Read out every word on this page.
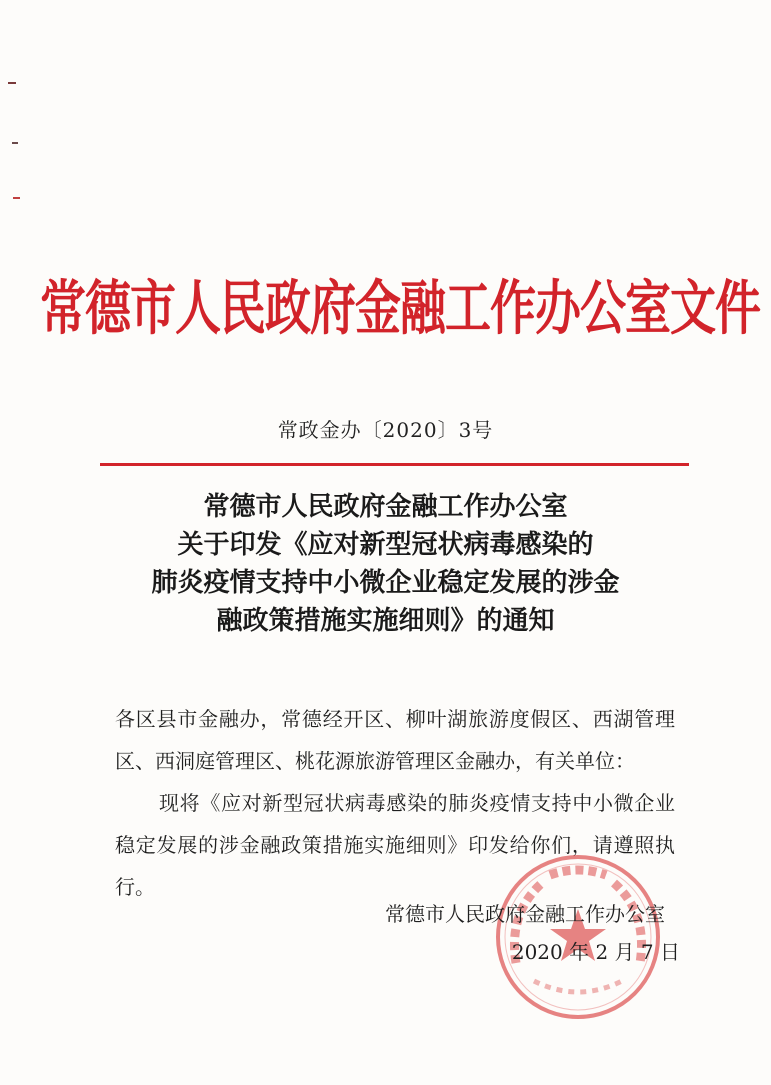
常德市人民政府金融工作办公室文件
常政金办〔2020〕3号
常德市人民政府金融工作办公室
关于印发《应对新型冠状病毒感染的
肺炎疫情支持中小微企业稳定发展的涉金
融政策措施实施细则》的通知

各区县市金融办，常德经开区、柳叶湖旅游度假区、西湖管理区、西洞庭管理区、桃花源旅游管理区金融办，有关单位：

现将《应对新型冠状病毒感染的肺炎疫情支持中小微企业稳定发展的涉金融政策措施实施细则》印发给你们，请遵照执行。

常德市人民政府金融工作办公室
2020 年 2 月 7 日
